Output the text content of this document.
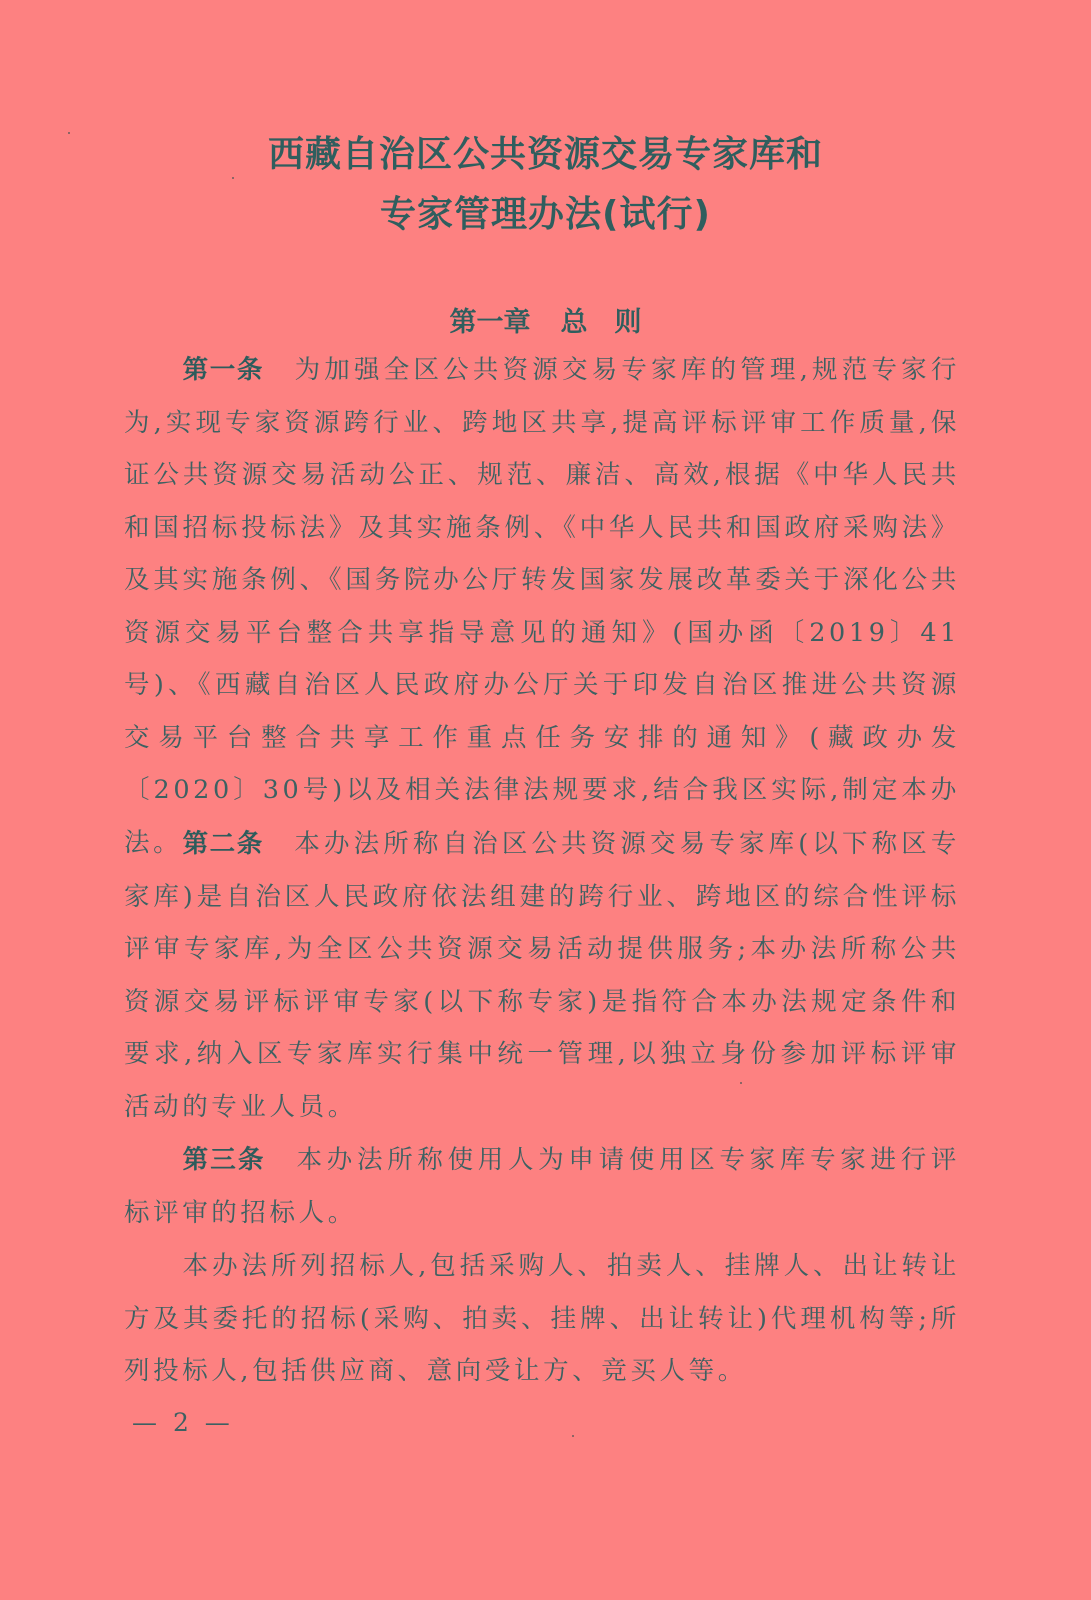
西藏自治区公共资源交易专家库和
专家管理办法(试行)
第一章 总　则

第一条 为加强全区公共资源交易专家库的管理,规范专家行为,实现专家资源跨行业、跨地区共享,提高评标评审工作质量,保证公共资源交易活动公正、规范、廉洁、高效,根据《中华人民共和国招标投标法》及其实施条例、《中华人民共和国政府采购法》及其实施条例、《国务院办公厅转发国家发展改革委关于深化公共资源交易平台整合共享指导意见的通知》(国办函〔2019〕41号)、《西藏自治区人民政府办公厅关于印发自治区推进公共资源交易平台整合共享工作重点任务安排的通知》(藏政办发〔2020〕30号)以及相关法律法规要求,结合我区实际,制定本办法。 第二条 本办法所称自治区公共资源交易专家库(以下称区专家库)是自治区人民政府依法组建的跨行业、跨地区的综合性评标评审专家库,为全区公共资源交易活动提供服务;本办法所称公共资源交易评标评审专家(以下称专家)是指符合本办法规定条件和要求,纳入区专家库实行集中统一管理,以独立身份参加评标评审活动的专业人员。

第三条 本办法所称使用人为申请使用区专家库专家进行评标评审的招标人。

本办法所列招标人,包括采购人、拍卖人、挂牌人、出让转让方及其委托的招标(采购、拍卖、挂牌、出让转让)代理机构等;所列投标人,包括供应商、意向受让方、竞买人等。

— 2 —
